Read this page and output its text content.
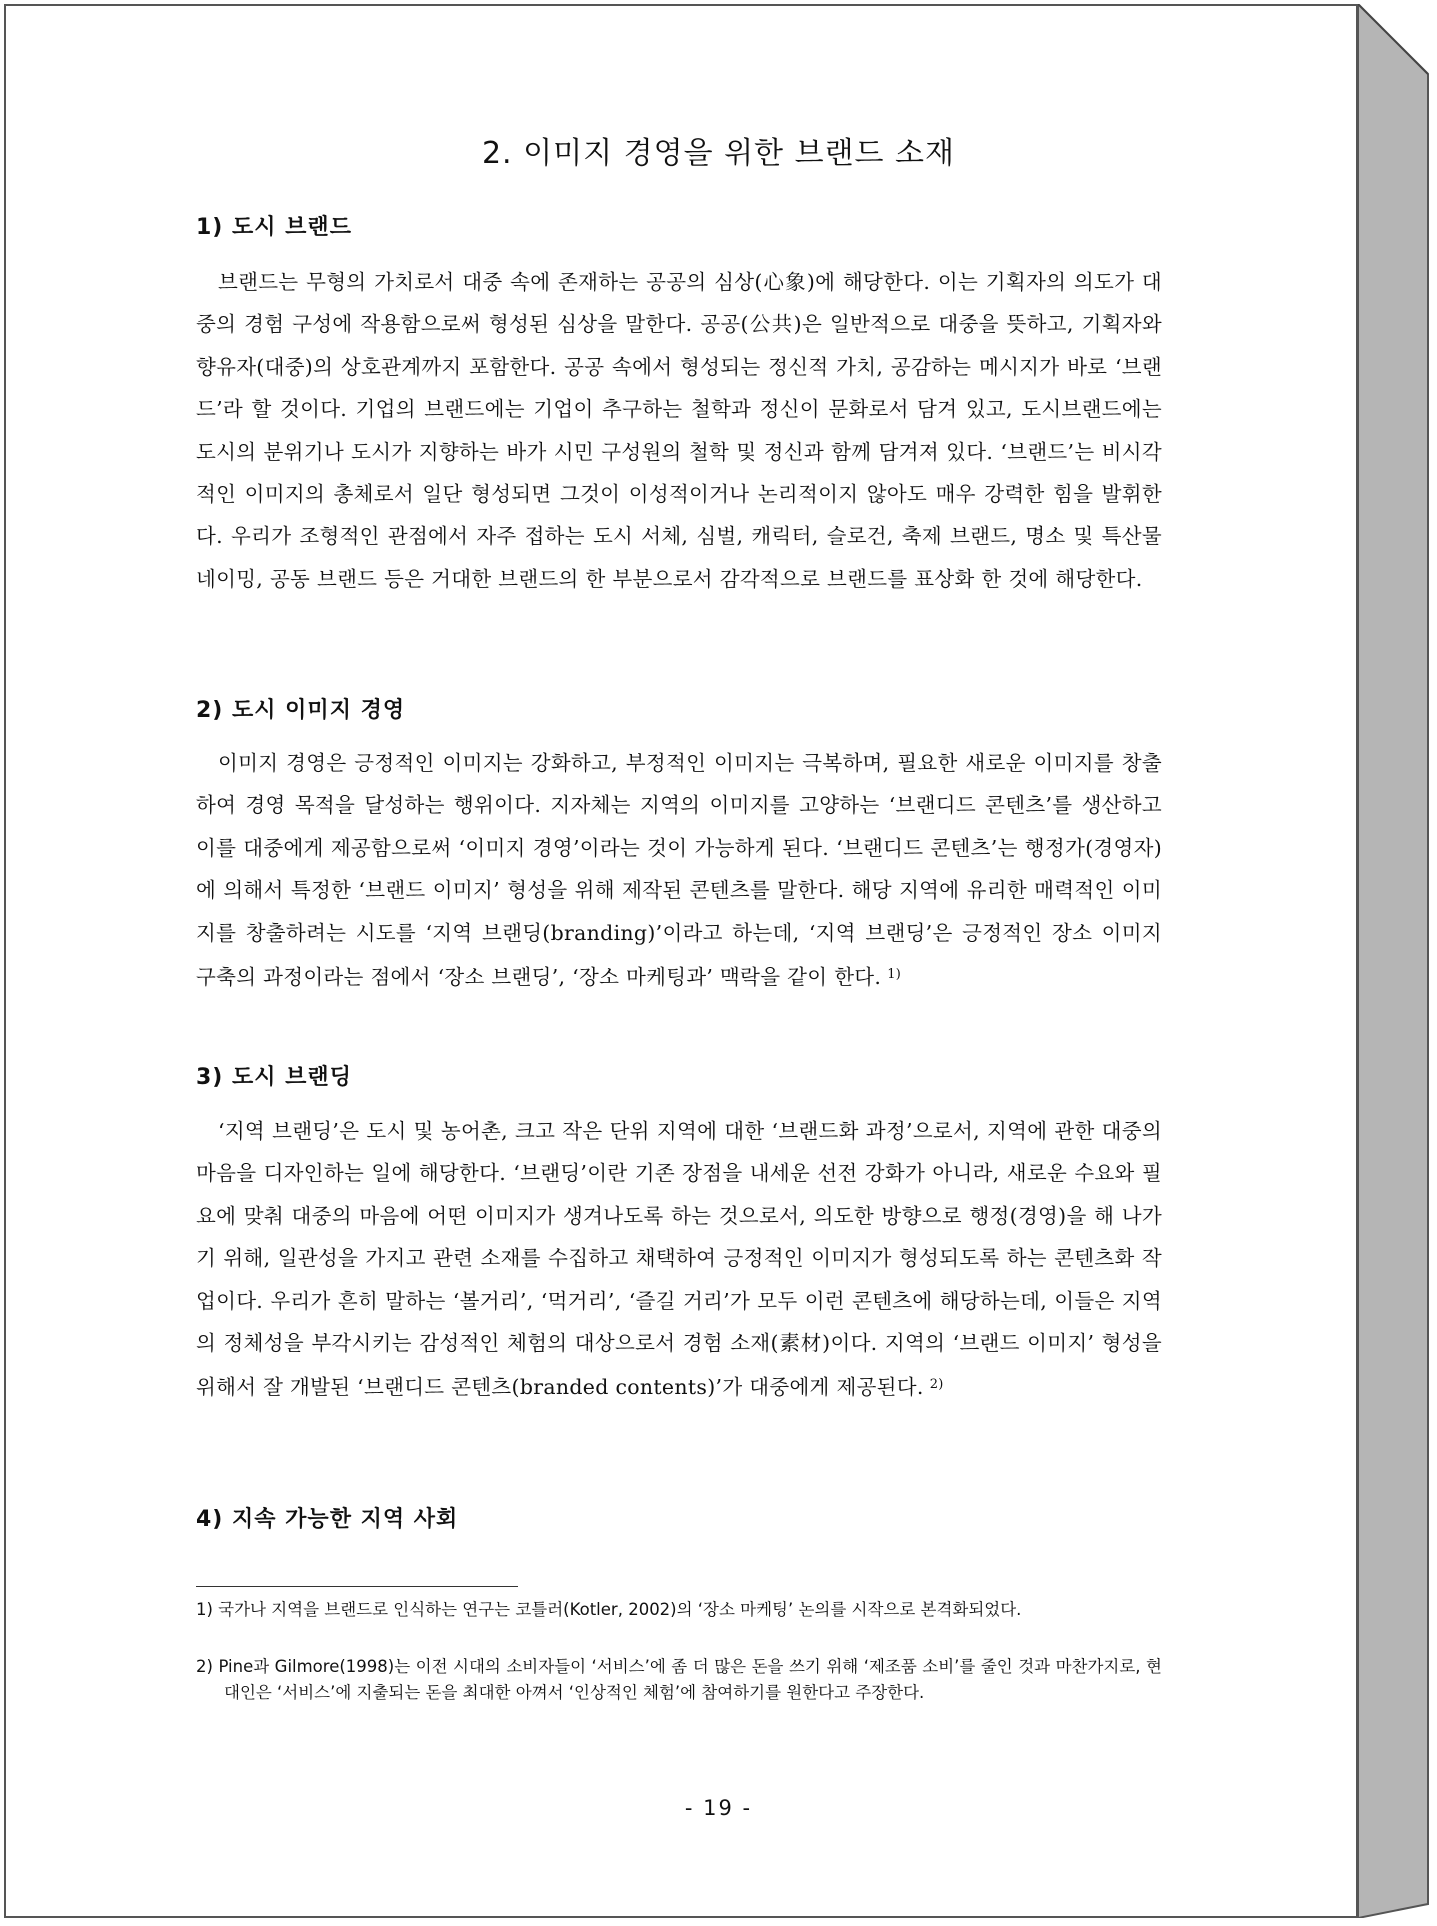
2. 이미지 경영을 위한 브랜드 소재
1) 도시 브랜드

브랜드는 무형의 가치로서 대중 속에 존재하는 공공의 심상(心象)에 해당한다. 이는 기획자의 의도가 대중의 경험 구성에 작용함으로써 형성된 심상을 말한다. 공공(公共)은 일반적으로 대중을 뜻하고, 기획자와 향유자(대중)의 상호관계까지 포함한다. 공공 속에서 형성되는 정신적 가치, 공감하는 메시지가 바로 ‘브랜드’라 할 것이다. 기업의 브랜드에는 기업이 추구하는 철학과 정신이 문화로서 담겨 있고, 도시브랜드에는 도시의 분위기나 도시가 지향하는 바가 시민 구성원의 철학 및 정신과 함께 담겨져 있다. ‘브랜드’는 비시각적인 이미지의 총체로서 일단 형성되면 그것이 이성적이거나 논리적이지 않아도 매우 강력한 힘을 발휘한다. 우리가 조형적인 관점에서 자주 접하는 도시 서체, 심벌, 캐릭터, 슬로건, 축제 브랜드, 명소 및 특산물 네이밍, 공동 브랜드 등은 거대한 브랜드의 한 부분으로서 감각적으로 브랜드를 표상화 한 것에 해당한다.

2) 도시 이미지 경영

이미지 경영은 긍정적인 이미지는 강화하고, 부정적인 이미지는 극복하며, 필요한 새로운 이미지를 창출하여 경영 목적을 달성하는 행위이다. 지자체는 지역의 이미지를 고양하는 ‘브랜디드 콘텐츠’를 생산하고 이를 대중에게 제공함으로써 ‘이미지 경영’이라는 것이 가능하게 된다. ‘브랜디드 콘텐츠’는 행정가(경영자)에 의해서 특정한 ‘브랜드 이미지’ 형성을 위해 제작된 콘텐츠를 말한다. 해당 지역에 유리한 매력적인 이미지를 창출하려는 시도를 ‘지역 브랜딩(branding)’이라고 하는데, ‘지역 브랜딩’은 긍정적인 장소 이미지 구축의 과정이라는 점에서 ‘장소 브랜딩’, ‘장소 마케팅과’ 맥락을 같이 한다. $^{1)}$

3) 도시 브랜딩

‘지역 브랜딩’은 도시 및 농어촌, 크고 작은 단위 지역에 대한 ‘브랜드화 과정’으로서, 지역에 관한 대중의 마음을 디자인하는 일에 해당한다. ‘브랜딩’이란 기존 장점을 내세운 선전 강화가 아니라, 새로운 수요와 필요에 맞춰 대중의 마음에 어떤 이미지가 생겨나도록 하는 것으로서, 의도한 방향으로 행정(경영)을 해 나가기 위해, 일관성을 가지고 관련 소재를 수집하고 채택하여 긍정적인 이미지가 형성되도록 하는 콘텐츠화 작업이다. 우리가 흔히 말하는 ‘볼거리’, ‘먹거리’, ‘즐길 거리’가 모두 이런 콘텐츠에 해당하는데, 이들은 지역의 정체성을 부각시키는 감성적인 체험의 대상으로서 경험 소재(素材)이다. 지역의 ‘브랜드 이미지’ 형성을 위해서 잘 개발된 ‘브랜디드 콘텐츠(branded contents)’가 대중에게 제공된다. $^{2)}$

4) 지속 가능한 지역 사회

1) 국가나 지역을 브랜드로 인식하는 연구는 코틀러(Kotler, 2002)의 ‘장소 마케팅’ 논의를 시작으로 본격화되었다.

2) Pine과 Gilmore(1998)는 이전 시대의 소비자들이 ‘서비스’에 좀 더 많은 돈을 쓰기 위해 ‘제조품 소비’를 줄인 것과 마찬가지로, 현대인은 ‘서비스’에 지출되는 돈을 최대한 아껴서 ‘인상적인 체험’에 참여하기를 원한다고 주장한다.

- 19 -
